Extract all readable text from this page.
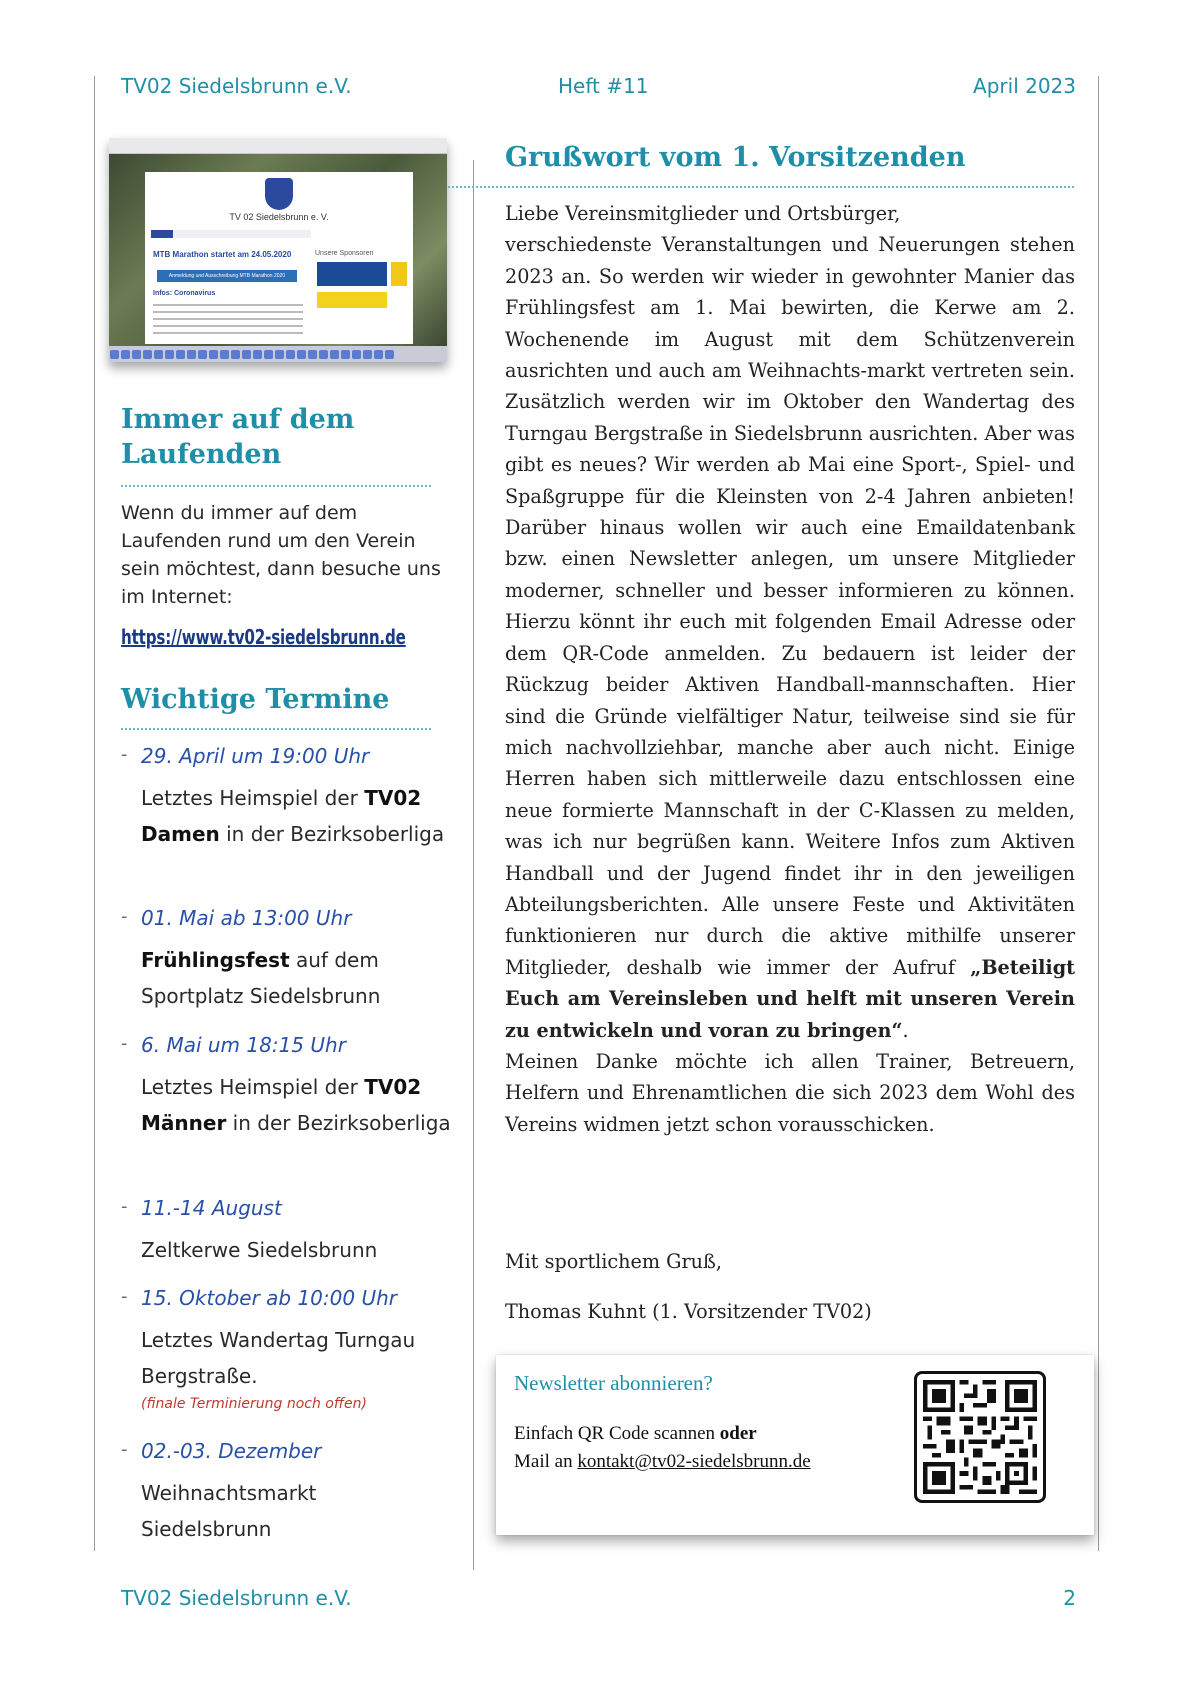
TV02 Siedelsbrunn e.V.	Heft #11	April 2023
TV 02 Siedelsbrunn e. V.
MTB Marathon startet am 24.05.2020	Unsere Sponsoren
Anmeldung und Ausschreibung MTB Marathon 2020
Infos: Coronavirus
Immer auf dem Laufenden
Wenn du immer auf dem Laufenden rund um den Verein sein möchtest, dann besuche uns im Internet:
https://www.tv02-siedelsbrunn.de
Wichtige Termine
- 29. April um 19:00 Uhr
Letztes Heimspiel der TV02 Damen in der Bezirksoberliga
- 01. Mai ab 13:00 Uhr
Frühlingsfest auf dem Sportplatz Siedelsbrunn
- 6. Mai um 18:15 Uhr
Letztes Heimspiel der TV02 Männer in der Bezirksoberliga
- 11.-14 August
Zeltkerwe Siedelsbrunn
- 15. Oktober ab 10:00 Uhr
Letztes Wandertag Turngau Bergstraße.
(finale Terminierung noch offen)
- 02.-03. Dezember
Weihnachtsmarkt Siedelsbrunn
Grußwort vom 1. Vorsitzenden
Liebe Vereinsmitglieder und Ortsbürger,
verschiedenste Veranstaltungen und Neuerungen stehen 2023 an. So werden wir wieder in gewohnter Manier das Frühlingsfest am 1. Mai bewirten, die Kerwe am 2. Wochenende im August mit dem Schützenverein ausrichten und auch am Weihnachts-markt vertreten sein. Zusätzlich werden wir im Oktober den Wandertag des Turngau Bergstraße in Siedelsbrunn ausrichten. Aber was gibt es neues? Wir werden ab Mai eine Sport-, Spiel- und Spaßgruppe für die Kleinsten von 2-4 Jahren anbieten! Darüber hinaus wollen wir auch eine Emaildatenbank bzw. einen Newsletter anlegen, um unsere Mitglieder moderner, schneller und besser informieren zu können. Hierzu könnt ihr euch mit folgenden Email Adresse oder dem QR-Code anmelden. Zu bedauern ist leider der Rückzug beider Aktiven Handball-mannschaften. Hier sind die Gründe vielfältiger Natur, teilweise sind sie für mich nachvollziehbar, manche aber auch nicht. Einige Herren haben sich mittlerweile dazu entschlossen eine neue formierte Mannschaft in der C-Klassen zu melden, was ich nur begrüßen kann. Weitere Infos zum Aktiven Handball und der Jugend findet ihr in den jeweiligen Abteilungsberichten. Alle unsere Feste und Aktivitäten funktionieren nur durch die aktive mithilfe unserer Mitglieder, deshalb wie immer der Aufruf „Beteiligt Euch am Vereinsleben und helft mit unseren Verein zu entwickeln und voran zu bringen“.
Meinen Danke möchte ich allen Trainer, Betreuern, Helfern und Ehrenamtlichen die sich 2023 dem Wohl des Vereins widmen jetzt schon vorausschicken.
Mit sportlichem Gruß,
Thomas Kuhnt (1. Vorsitzender TV02)
Newsletter abonnieren?
Einfach QR Code scannen oder
Mail an kontakt@tv02-siedelsbrunn.de
TV02 Siedelsbrunn e.V.	2
